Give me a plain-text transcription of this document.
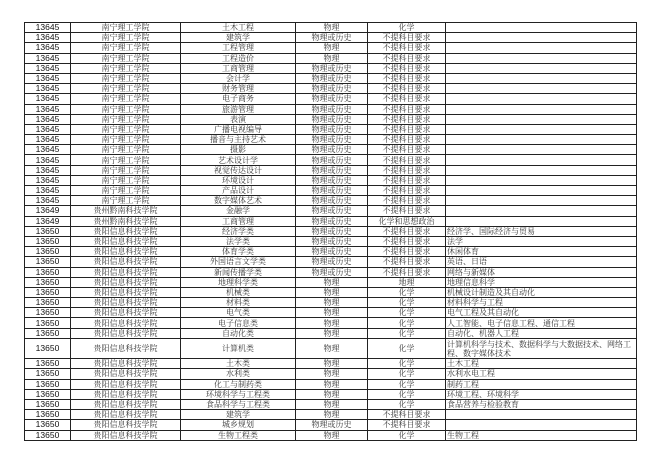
13645	南宁理工学院	土木工程	物理	化学	
13645	南宁理工学院	建筑学	物理或历史	不提科目要求	
13645	南宁理工学院	工程管理	物理	不提科目要求	
13645	南宁理工学院	工程造价	物理	不提科目要求	
13645	南宁理工学院	工商管理	物理或历史	不提科目要求	
13645	南宁理工学院	会计学	物理或历史	不提科目要求	
13645	南宁理工学院	财务管理	物理或历史	不提科目要求	
13645	南宁理工学院	电子商务	物理或历史	不提科目要求	
13645	南宁理工学院	旅游管理	物理或历史	不提科目要求	
13645	南宁理工学院	表演	物理或历史	不提科目要求	
13645	南宁理工学院	广播电视编导	物理或历史	不提科目要求	
13645	南宁理工学院	播音与主持艺术	物理或历史	不提科目要求	
13645	南宁理工学院	摄影	物理或历史	不提科目要求	
13645	南宁理工学院	艺术设计学	物理或历史	不提科目要求	
13645	南宁理工学院	视觉传达设计	物理或历史	不提科目要求	
13645	南宁理工学院	环境设计	物理或历史	不提科目要求	
13645	南宁理工学院	产品设计	物理或历史	不提科目要求	
13645	南宁理工学院	数字媒体艺术	物理或历史	不提科目要求	
13649	贵州黔南科技学院	金融学	物理或历史	不提科目要求	
13649	贵州黔南科技学院	工商管理	物理或历史	化学和思想政治	
13650	贵阳信息科技学院	经济学类	物理或历史	不提科目要求	经济学、国际经济与贸易
13650	贵阳信息科技学院	法学类	物理或历史	不提科目要求	法学
13650	贵阳信息科技学院	体育学类	物理或历史	不提科目要求	休闲体育
13650	贵阳信息科技学院	外国语言文学类	物理或历史	不提科目要求	英语、日语
13650	贵阳信息科技学院	新闻传播学类	物理或历史	不提科目要求	网络与新媒体
13650	贵阳信息科技学院	地理科学类	物理	地理	地理信息科学
13650	贵阳信息科技学院	机械类	物理	化学	机械设计制造及其自动化
13650	贵阳信息科技学院	材料类	物理	化学	材料科学与工程
13650	贵阳信息科技学院	电气类	物理	化学	电气工程及其自动化
13650	贵阳信息科技学院	电子信息类	物理	化学	人工智能、电子信息工程、通信工程
13650	贵阳信息科技学院	自动化类	物理	化学	自动化、机器人工程
13650	贵阳信息科技学院	计算机类	物理	化学	计算机科学与技术、数据科学与大数据技术、网络工程、数字媒体技术
13650	贵阳信息科技学院	土木类	物理	化学	土木工程
13650	贵阳信息科技学院	水利类	物理	化学	水利水电工程
13650	贵阳信息科技学院	化工与制药类	物理	化学	制药工程
13650	贵阳信息科技学院	环境科学与工程类	物理	化学	环境工程、环境科学
13650	贵阳信息科技学院	食品科学与工程类	物理	化学	食品营养与检验教育
13650	贵阳信息科技学院	建筑学	物理	不提科目要求	
13650	贵阳信息科技学院	城乡规划	物理或历史	不提科目要求	
13650	贵阳信息科技学院	生物工程类	物理	化学	生物工程
